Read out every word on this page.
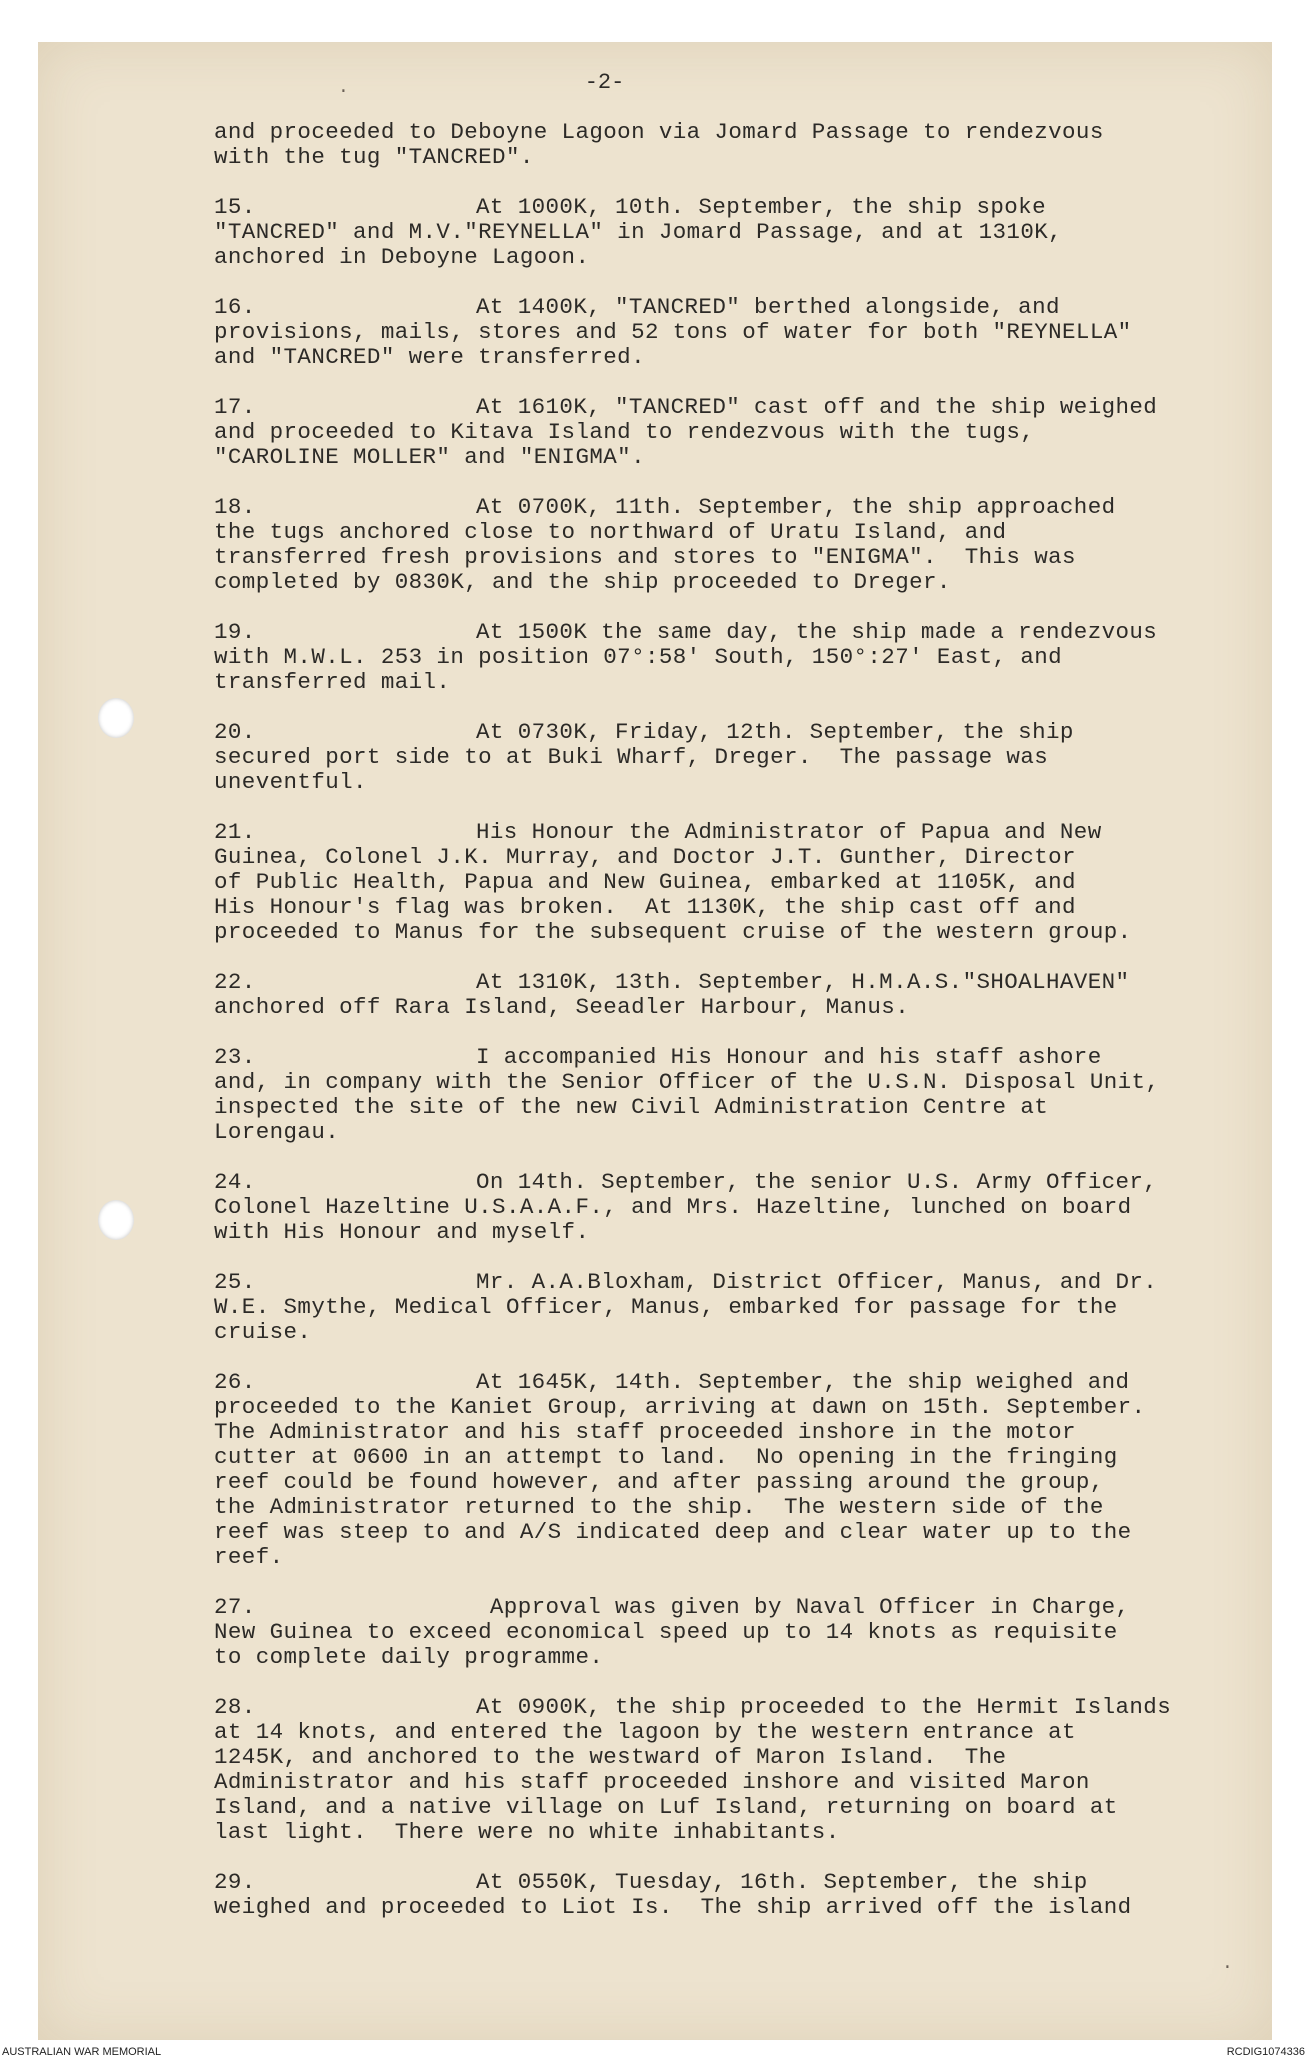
·
·
-2-
and proceeded to Deboyne Lagoon via Jomard Passage to rendezvous
with the tug "TANCRED".
15.	At 1000K, 10th. September, the ship spoke
"TANCRED" and M.V."REYNELLA" in Jomard Passage, and at 1310K,
anchored in Deboyne Lagoon.
16.	At 1400K, "TANCRED" berthed alongside, and
provisions, mails, stores and 52 tons of water for both "REYNELLA"
and "TANCRED" were transferred.
17.	At 1610K, "TANCRED" cast off and the ship weighed
and proceeded to Kitava Island to rendezvous with the tugs,
"CAROLINE MOLLER" and "ENIGMA".
18.	At 0700K, 11th. September, the ship approached
the tugs anchored close to northward of Uratu Island, and
transferred fresh provisions and stores to "ENIGMA".  This was
completed by 0830K, and the ship proceeded to Dreger.
19.	At 1500K the same day, the ship made a rendezvous
with M.W.L. 253 in position 07°:58' South, 150°:27' East, and
transferred mail.
20.	At 0730K, Friday, 12th. September, the ship
secured port side to at Buki Wharf, Dreger.  The passage was
uneventful.
21.	His Honour the Administrator of Papua and New
Guinea, Colonel J.K. Murray, and Doctor J.T. Gunther, Director
of Public Health, Papua and New Guinea, embarked at 1105K, and
His Honour's flag was broken.  At 1130K, the ship cast off and
proceeded to Manus for the subsequent cruise of the western group.
22.	At 1310K, 13th. September, H.M.A.S."SHOALHAVEN"
anchored off Rara Island, Seeadler Harbour, Manus.
23.	I accompanied His Honour and his staff ashore
and, in company with the Senior Officer of the U.S.N. Disposal Unit,
inspected the site of the new Civil Administration Centre at
Lorengau.
24.	On 14th. September, the senior U.S. Army Officer,
Colonel Hazeltine U.S.A.A.F., and Mrs. Hazeltine, lunched on board
with His Honour and myself.
25.	Mr. A.A.Bloxham, District Officer, Manus, and Dr.
W.E. Smythe, Medical Officer, Manus, embarked for passage for the
cruise.
26.	At 1645K, 14th. September, the ship weighed and
proceeded to the Kaniet Group, arriving at dawn on 15th. September.
The Administrator and his staff proceeded inshore in the motor
cutter at 0600 in an attempt to land.  No opening in the fringing
reef could be found however, and after passing around the group,
the Administrator returned to the ship.  The western side of the
reef was steep to and A/S indicated deep and clear water up to the
reef.
27.	Approval was given by Naval Officer in Charge,
New Guinea to exceed economical speed up to 14 knots as requisite
to complete daily programme.
28.	At 0900K, the ship proceeded to the Hermit Islands
at 14 knots, and entered the lagoon by the western entrance at
1245K, and anchored to the westward of Maron Island.  The
Administrator and his staff proceeded inshore and visited Maron
Island, and a native village on Luf Island, returning on board at
last light.  There were no white inhabitants.
29.	At 0550K, Tuesday, 16th. September, the ship
weighed and proceeded to Liot Is.  The ship arrived off the island
AUSTRALIAN WAR MEMORIAL	RCDIG1074336
